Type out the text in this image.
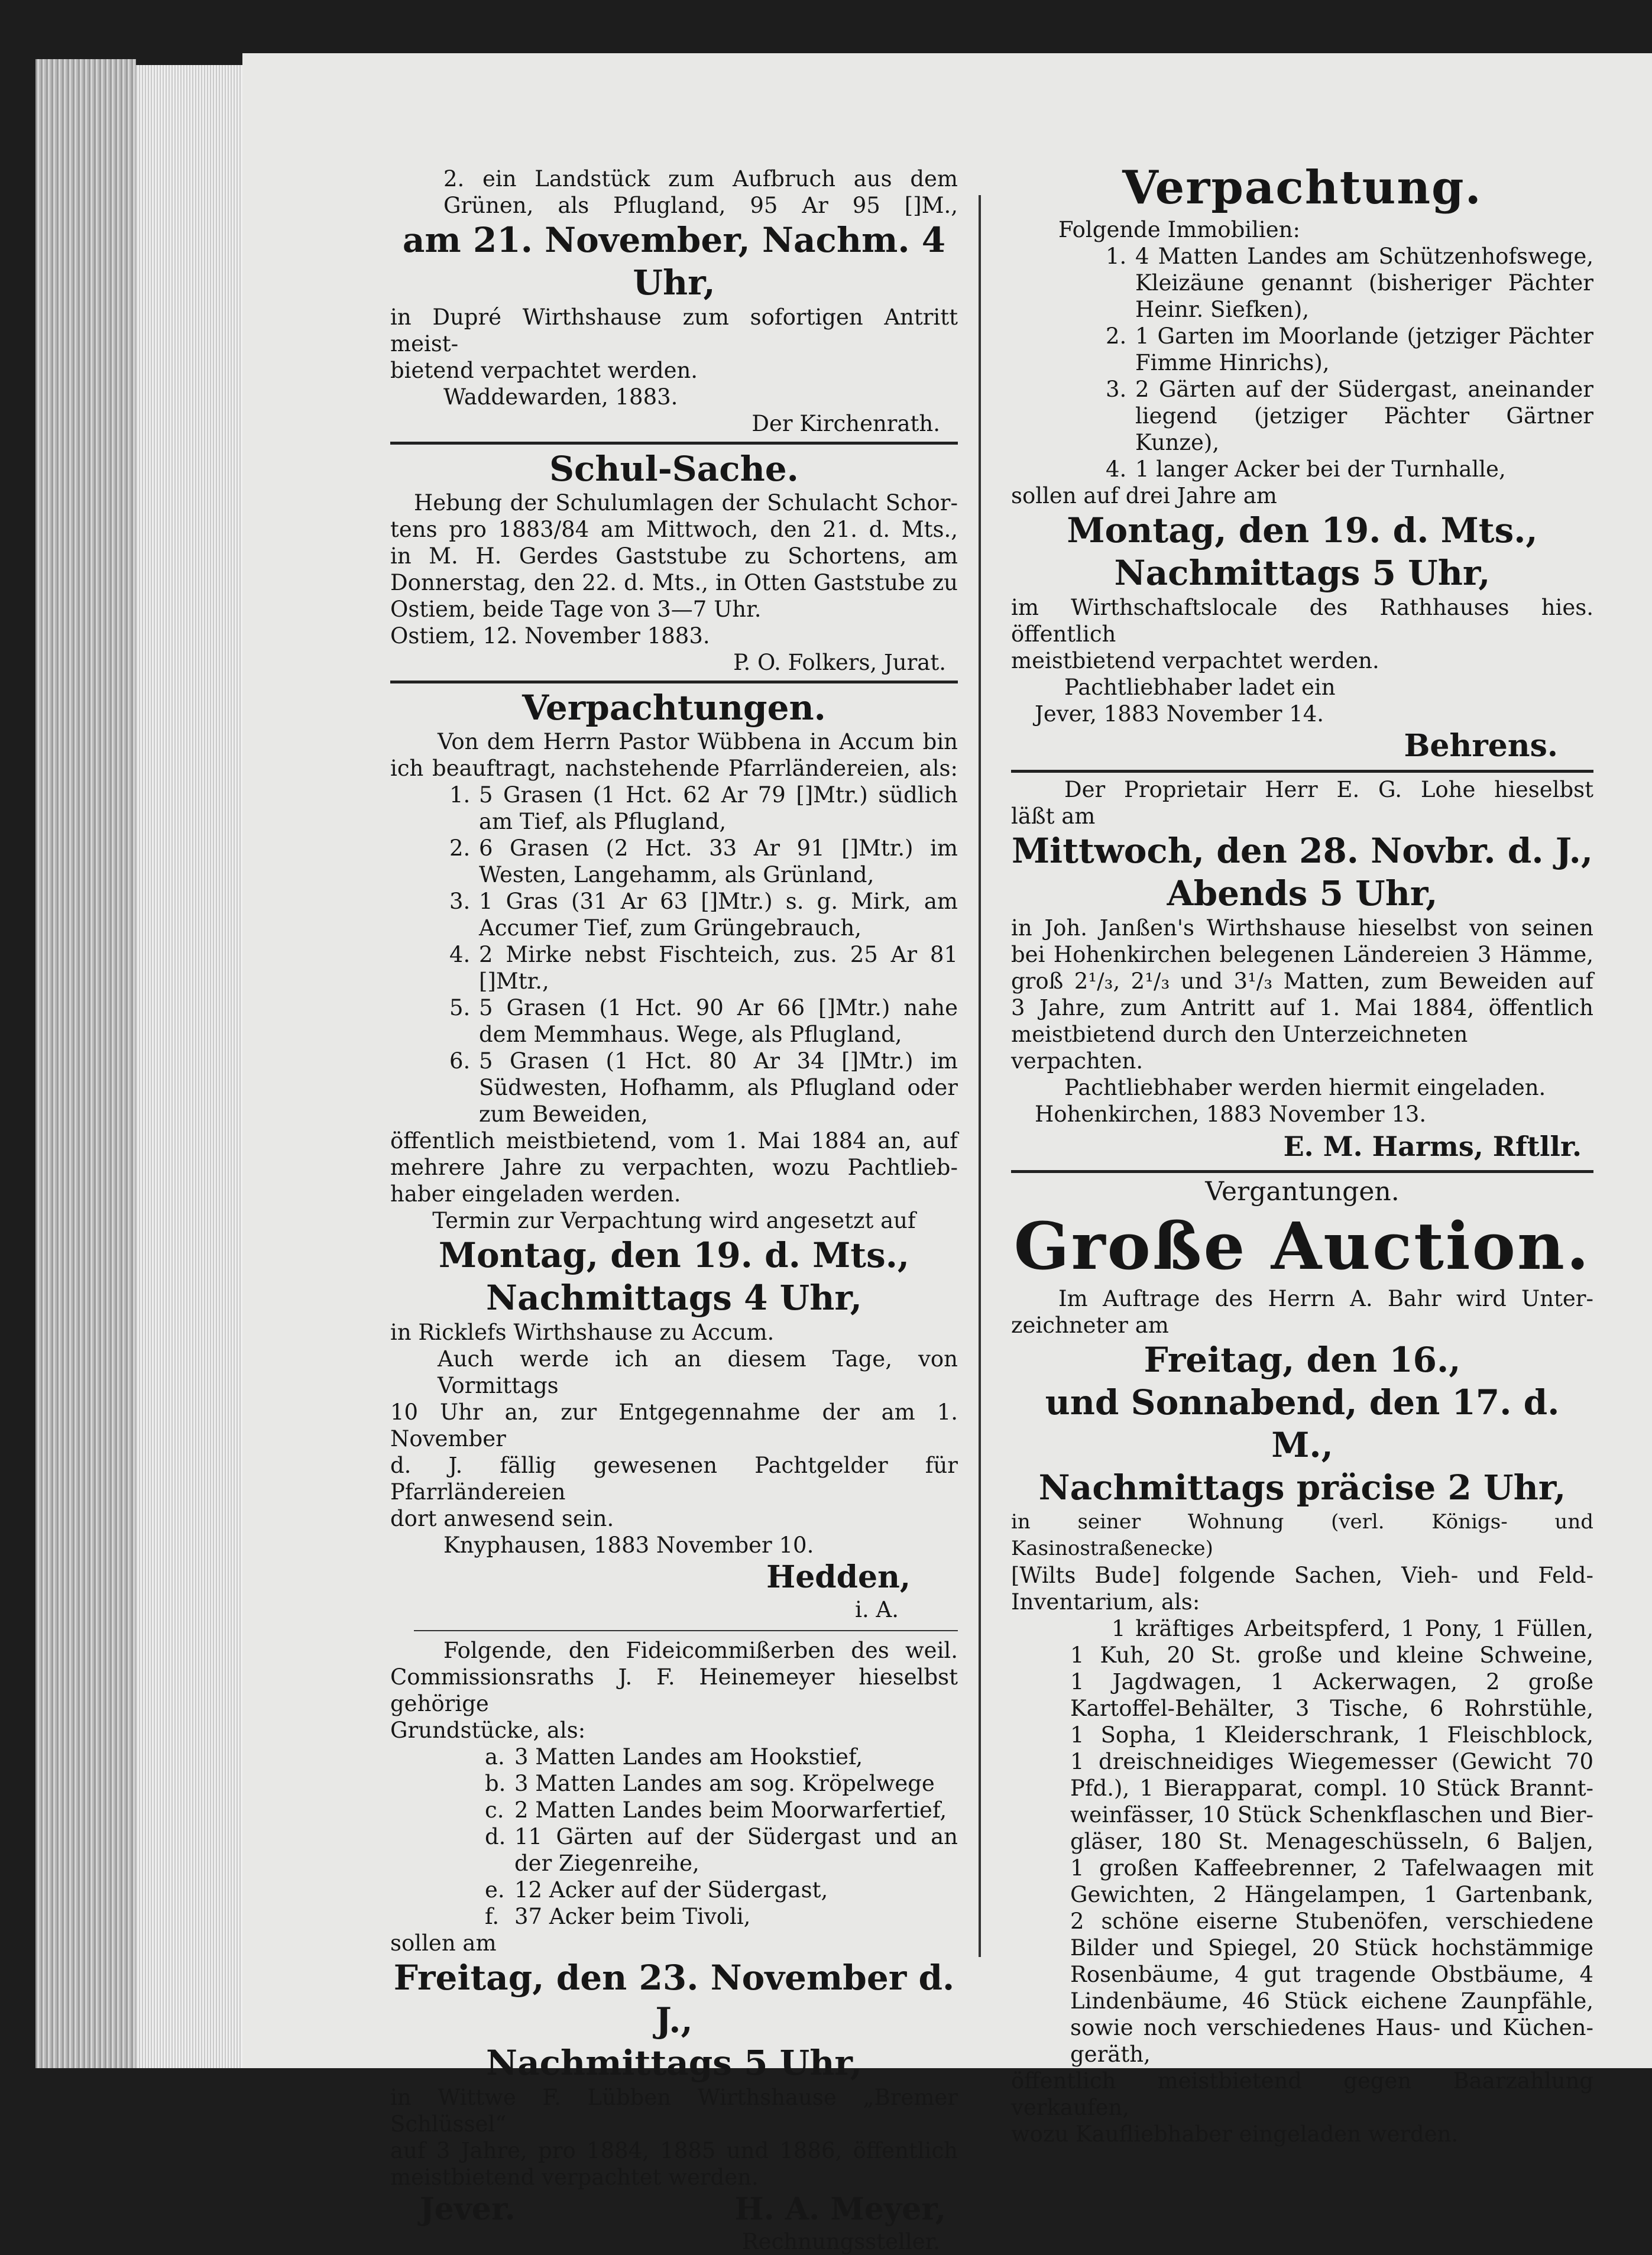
2. ein Landstück zum Aufbruch aus dem

Grünen, als Pflugland, 95 Ar 95 []M.,

am 21. November, Nachm. 4 Uhr,

in Dupré Wirthshause zum sofortigen Antritt meist-

bietend verpachtet werden.

Waddewarden, 1883.

Der Kirchenrath.

Schul-Sache.

Hebung der Schulumlagen der Schulacht Schor-

tens pro 1883/84 am Mittwoch, den 21. d. Mts.,

in M. H. Gerdes Gaststube zu Schortens, am

Donnerstag, den 22. d. Mts., in Otten Gaststube zu

Ostiem, beide Tage von 3—7 Uhr.

Ostiem, 12. November 1883.

P. O. Folkers, Jurat.

Verpachtungen.

Von dem Herrn Pastor Wübbena in Accum bin

ich beauftragt, nachstehende Pfarrländereien, als:

1. 5 Grasen (1 Hct. 62 Ar 79 []Mtr.) südlich
am Tief, als Pflugland,
2. 6 Grasen (2 Hct. 33 Ar 91 []Mtr.) im
Westen, Langehamm, als Grünland,
3. 1 Gras (31 Ar 63 []Mtr.) s. g. Mirk, am
Accumer Tief, zum Grüngebrauch,
4. 2 Mirke nebst Fischteich, zus. 25 Ar 81 []Mtr.,
5. 5 Grasen (1 Hct. 90 Ar 66 []Mtr.) nahe
dem Memmhaus. Wege, als Pflugland,
6. 5 Grasen (1 Hct. 80 Ar 34 []Mtr.) im
Südwesten, Hofhamm, als Pflugland oder
zum Beweiden,

öffentlich meistbietend, vom 1. Mai 1884 an, auf

mehrere Jahre zu verpachten, wozu Pachtlieb-

haber eingeladen werden.

Termin zur Verpachtung wird angesetzt auf

Montag, den 19. d. Mts.,

Nachmittags 4 Uhr,

in Ricklefs Wirthshause zu Accum.

Auch werde ich an diesem Tage, von Vormittags

10 Uhr an, zur Entgegennahme der am 1. November

d. J. fällig gewesenen Pachtgelder für Pfarrländereien

dort anwesend sein.

Knyphausen, 1883 November 10.

Hedden,

i. A.

Folgende, den Fideicommißerben des weil.

Commissionsraths J. F. Heinemeyer hieselbst gehörige

Grundstücke, als:

a. 3 Matten Landes am Hookstief,
b. 3 Matten Landes am sog. Kröpelwege
c. 2 Matten Landes beim Moorwarfertief,
d. 11 Gärten auf der Südergast und an
der Ziegenreihe,
e. 12 Acker auf der Südergast,
f. 37 Acker beim Tivoli,

sollen am

Freitag, den 23. November d. J.,

Nachmittags 5 Uhr,

in Wittwe F. Lübben Wirthshause „Bremer Schlüssel“

auf 3 Jahre, pro 1884, 1885 und 1886, öffentlich

meistbietend verpachtet werden.

Jever.	H. A. Meyer,

Rechnungssteller.

Verpachtung.

Folgende Immobilien:

1. 4 Matten Landes am Schützenhofswege,
Kleizäune genannt (bisheriger Pächter
Heinr. Siefken),
2. 1 Garten im Moorlande (jetziger Pächter
Fimme Hinrichs),
3. 2 Gärten auf der Südergast, aneinander
liegend (jetziger Pächter Gärtner Kunze),
4. 1 langer Acker bei der Turnhalle,

sollen auf drei Jahre am

Montag, den 19. d. Mts.,

Nachmittags 5 Uhr,

im Wirthschaftslocale des Rathhauses hies. öffentlich

meistbietend verpachtet werden.

Pachtliebhaber ladet ein

Jever, 1883 November 14.

Behrens.

Der Proprietair Herr E. G. Lohe hieselbst

läßt am

Mittwoch, den 28. Novbr. d. J.,

Abends 5 Uhr,

in Joh. Janßen's Wirthshause hieselbst von seinen

bei Hohenkirchen belegenen Ländereien 3 Hämme,

groß 2¹/₃, 2¹/₃ und 3¹/₃ Matten, zum Beweiden auf

3 Jahre, zum Antritt auf 1. Mai 1884, öffentlich

meistbietend durch den Unterzeichneten verpachten.

Pachtliebhaber werden hiermit eingeladen.

Hohenkirchen, 1883 November 13.

E. M. Harms, Rftllr.

Vergantungen.

Große Auction.

Im Auftrage des Herrn A. Bahr wird Unter-

zeichneter am

Freitag, den 16.,

und Sonnabend, den 17. d. M.,

Nachmittags präcise 2 Uhr,

in seiner Wohnung (verl. Königs- und Kasinostraßenecke)

[Wilts Bude] folgende Sachen, Vieh- und Feld-

Inventarium, als:

1 kräftiges Arbeitspferd, 1 Pony, 1 Füllen,

1 Kuh, 20 St. große und kleine Schweine,

1 Jagdwagen, 1 Ackerwagen, 2 große

Kartoffel-Behälter, 3 Tische, 6 Rohrstühle,

1 Sopha, 1 Kleiderschrank, 1 Fleischblock,

1 dreischneidiges Wiegemesser (Gewicht 70

Pfd.), 1 Bierapparat, compl. 10 Stück Brannt-

weinfässer, 10 Stück Schenkflaschen und Bier-

gläser, 180 St. Menageschüsseln, 6 Baljen,

1 großen Kaffeebrenner, 2 Tafelwaagen mit

Gewichten, 2 Hängelampen, 1 Gartenbank,

2 schöne eiserne Stubenöfen, verschiedene

Bilder und Spiegel, 20 Stück hochstämmige

Rosenbäume, 4 gut tragende Obstbäume, 4

Lindenbäume, 46 Stück eichene Zaunpfähle,

sowie noch verschiedenes Haus- und Küchen-

geräth,

öffentlich meistbietend gegen Baarzahlung verkaufen,

wozu Kaufliebhaber eingeladen werden.
